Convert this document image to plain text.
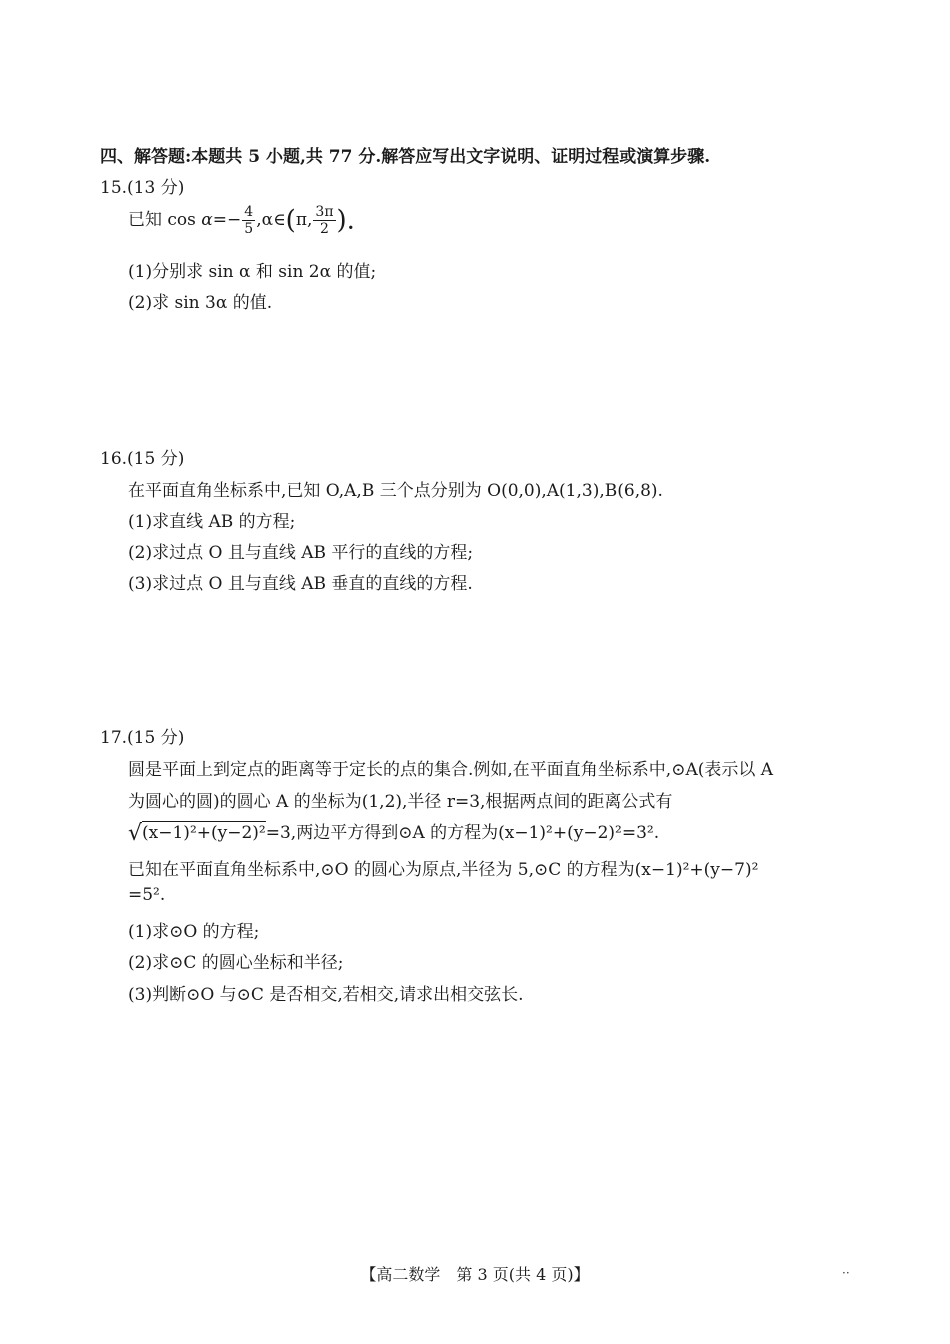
四、解答题:本题共 5 小题,共 77 分.解答应写出文字说明、证明过程或演算步骤.
15.(13 分)
已知 $\cos \alpha=- \frac{4}{5}$ ,α∈(π, $\frac{3\pi}{2}$ ).
(1)分别求 sin α 和 sin 2α 的值;
(2)求 sin 3α 的值.
16.(15 分)
在平面直角坐标系中,已知 O,A,B 三个点分别为 O(0,0),A(1,3),B(6,8).
(1)求直线 AB 的方程;
(2)求过点 O 且与直线 AB 平行的直线的方程;
(3)求过点 O 且与直线 AB 垂直的直线的方程.
17.(15 分)
圆是平面上到定点的距离等于定长的点的集合.例如,在平面直角坐标系中,⊙A(表示以 A
为圆心的圆)的圆心 A 的坐标为(1,2),半径 r=3,根据两点间的距离公式有
√(x−1)²+(y−2)²=3,两边平方得到⊙A 的方程为(x−1)²+(y−2)²=3².
已知在平面直角坐标系中,⊙O 的圆心为原点,半径为 5,⊙C 的方程为(x−1)²+(y−7)²
=5².
(1)求⊙O 的方程;
(2)求⊙C 的圆心坐标和半径;
(3)判断⊙O 与⊙C 是否相交,若相交,请求出相交弦长.
【高二数学　第 3 页(共 4 页)】	··
